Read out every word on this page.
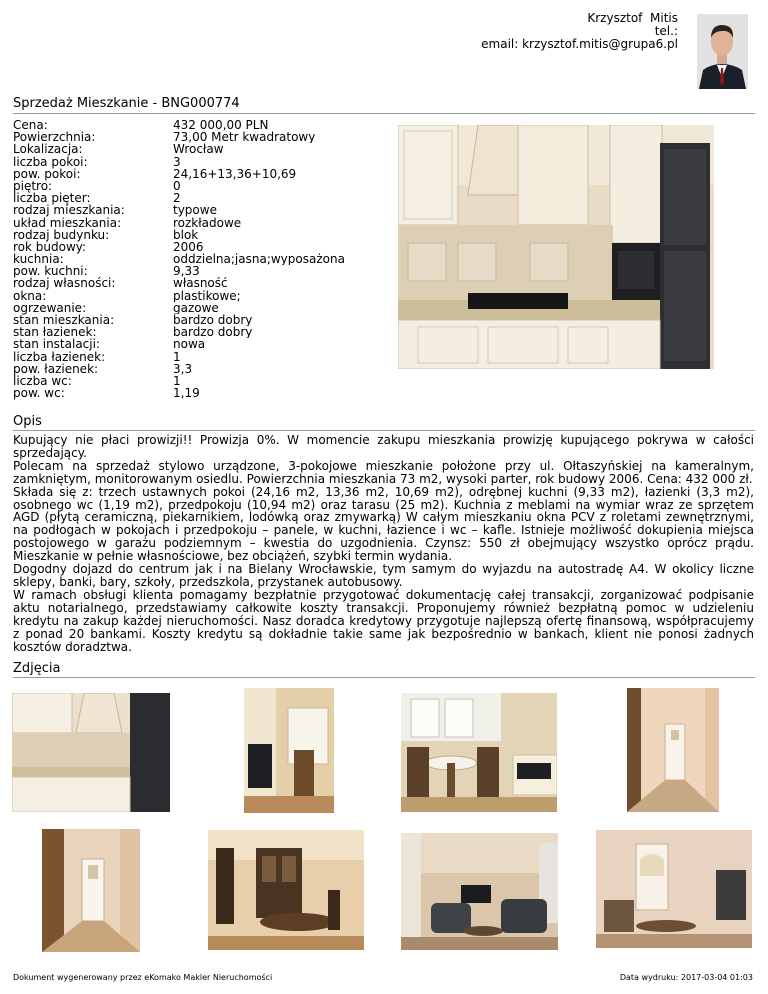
Krzysztof  Mitis
tel.:
email: krzysztof.mitis@grupa6.pl
Sprzedaż Mieszkanie - BNG000774
Cena:	432 000,00 PLN
Powierzchnia:	73,00 Metr kwadratowy
Lokalizacja:	Wrocław
liczba pokoi:	3
pow. pokoi:	24,16+13,36+10,69
piętro:	0
liczba pięter:	2
rodzaj mieszkania:	typowe
układ mieszkania:	rozkładowe
rodzaj budynku:	blok
rok budowy:	2006
kuchnia:	oddzielna;jasna;wyposażona
pow. kuchni:	9,33
rodzaj własności:	własność
okna:	plastikowe;
ogrzewanie:	gazowe
stan mieszkania:	bardzo dobry
stan łazienek:	bardzo dobry
stan instalacji:	nowa
liczba łazienek:	1
pow. łazienek:	3,3
liczba wc:	1
pow. wc:	1,19
Opis

Kupujący nie płaci prowizji!! Prowizja 0%. W momencie zakupu mieszkania prowizję kupującego pokrywa w całości sprzedający.

Polecam na sprzedaż stylowo urządzone, 3-pokojowe mieszkanie położone przy ul. Ołtaszyńskiej na kameralnym, zamkniętym, monitorowanym osiedlu. Powierzchnia mieszkania 73 m2, wysoki parter, rok budowy 2006. Cena: 432 000 zł.

Składa się z: trzech ustawnych pokoi (24,16 m2, 13,36 m2, 10,69 m2), odrębnej kuchni (9,33 m2), łazienki (3,3 m2), osobnego wc (1,19 m2), przedpokoju (10,94 m2) oraz tarasu (25 m2). Kuchnia z meblami na wymiar wraz ze sprzętem AGD (płytą ceramiczną, piekarnikiem, lodówką oraz zmywarką) W całym mieszkaniu okna PCV z roletami zewnętrznymi, na podłogach w pokojach i przedpokoju – panele, w kuchni, łazience i wc – kafle. Istnieje możliwość dokupienia miejsca postojowego w garażu podziemnym – kwestia do uzgodnienia. Czynsz: 550 zł obejmujący wszystko oprócz prądu. Mieszkanie w pełnie własnościowe, bez obciążeń, szybki termin wydania.

Dogodny dojazd do centrum jak i na Bielany Wrocławskie, tym samym do wyjazdu na autostradę A4. W okolicy liczne sklepy, banki, bary, szkoły, przedszkola, przystanek autobusowy.

W ramach obsługi klienta pomagamy bezpłatnie przygotować dokumentację całej transakcji, zorganizować podpisanie aktu notarialnego, przedstawiamy całkowite koszty transakcji. Proponujemy również bezpłatną pomoc w udzieleniu kredytu na zakup każdej nieruchomości. Nasz doradca kredytowy przygotuje najlepszą ofertę finansową, współpracujemy z ponad 20 bankami. Koszty kredytu są dokładnie takie same jak bezpośrednio w bankach, klient nie ponosi żadnych kosztów doradztwa.

Zdjęcia
Dokument wygenerowany przez eKomako Makler Nieruchomości	Data wydruku: 2017-03-04 01:03
